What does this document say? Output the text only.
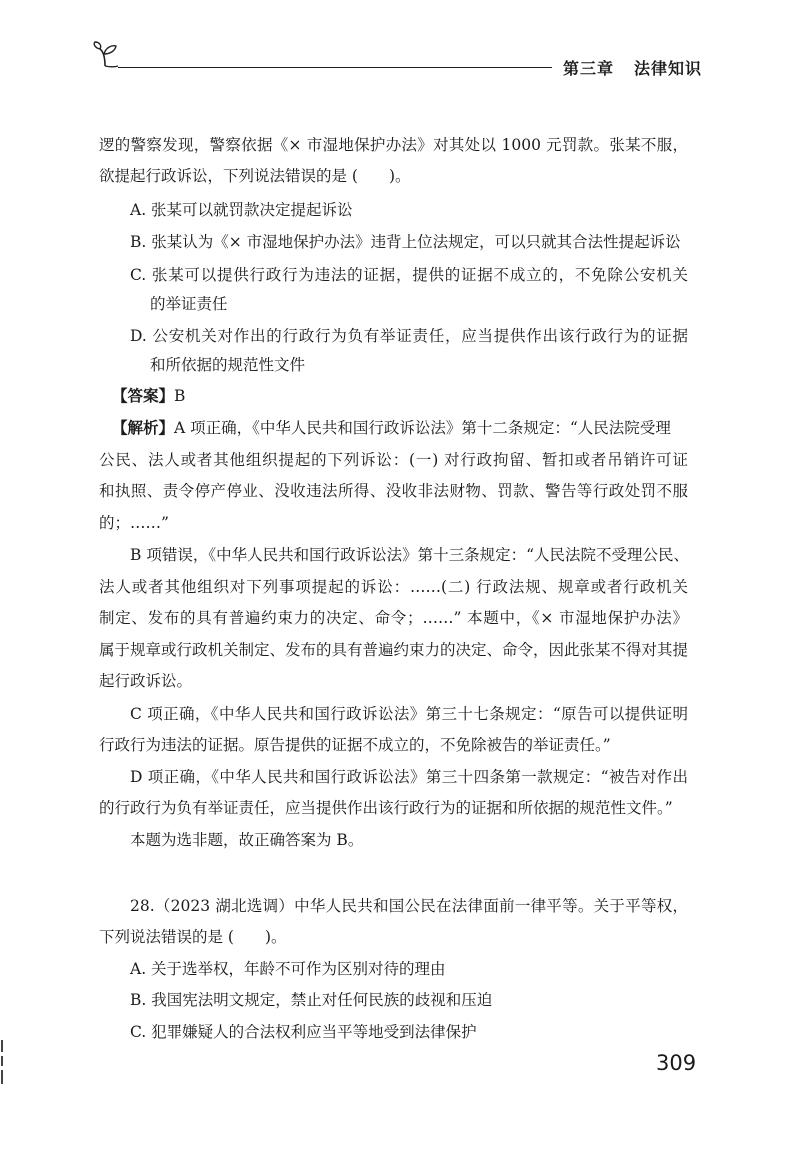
第三章 法律知识
逻的警察发现，警察依据《× 市湿地保护办法》对其处以 1000 元罚款。张某不服，
欲提起行政诉讼，下列说法错误的是 (　　)。
A. 张某可以就罚款决定提起诉讼
B. 张某认为《× 市湿地保护办法》违背上位法规定，可以只就其合法性提起诉讼
C. 张某可以提供行政行为违法的证据，提供的证据不成立的，不免除公安机关
的举证责任
D. 公安机关对作出的行政行为负有举证责任，应当提供作出该行政行为的证据
和所依据的规范性文件
【答案】B
【解析】A 项正确，《中华人民共和国行政诉讼法》第十二条规定：“人民法院受理
公民、法人或者其他组织提起的下列诉讼：(一) 对行政拘留、暂扣或者吊销许可证
和执照、责令停产停业、没收违法所得、没收非法财物、罚款、警告等行政处罚不服
的；……”
B 项错误，《中华人民共和国行政诉讼法》第十三条规定：“人民法院不受理公民、
法人或者其他组织对下列事项提起的诉讼：……(二) 行政法规、规章或者行政机关
制定、发布的具有普遍约束力的决定、命令；……” 本题中，《× 市湿地保护办法》
属于规章或行政机关制定、发布的具有普遍约束力的决定、命令，因此张某不得对其提
起行政诉讼。
C 项正确，《中华人民共和国行政诉讼法》第三十七条规定：“原告可以提供证明
行政行为违法的证据。原告提供的证据不成立的，不免除被告的举证责任。”
D 项正确，《中华人民共和国行政诉讼法》第三十四条第一款规定：“被告对作出
的行政行为负有举证责任，应当提供作出该行政行为的证据和所依据的规范性文件。”
本题为选非题，故正确答案为 B。
28.（2023 湖北选调）中华人民共和国公民在法律面前一律平等。关于平等权，
下列说法错误的是 (　　)。
A. 关于选举权，年龄不可作为区别对待的理由
B. 我国宪法明文规定，禁止对任何民族的歧视和压迫
C. 犯罪嫌疑人的合法权利应当平等地受到法律保护
309
